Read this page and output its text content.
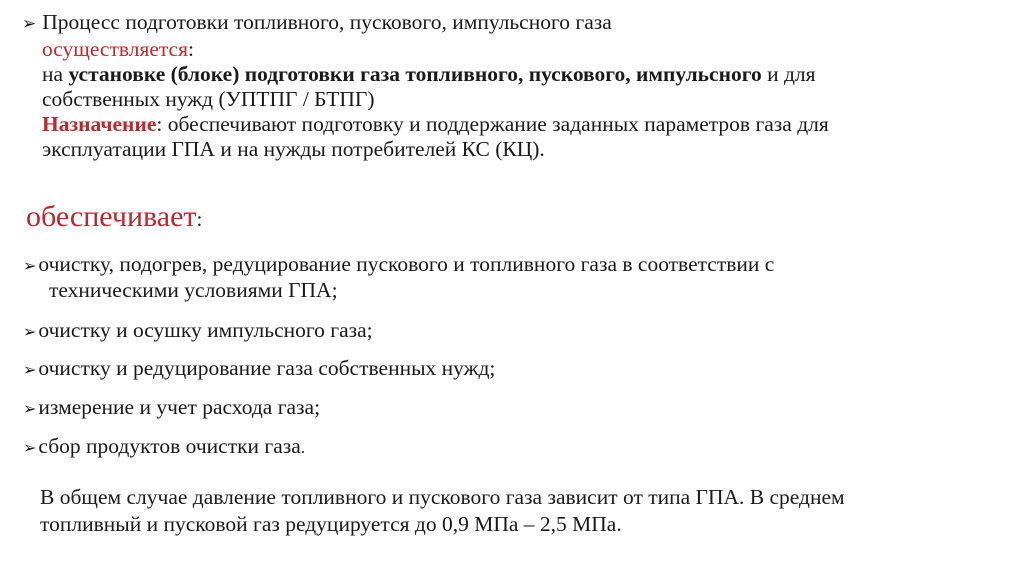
➢ Процесс подготовки топливного, пускового, импульсного газа
осуществляется:
на установке (блоке) подготовки газа топливного, пускового, импульсного и для
собственных нужд (УПТПГ / БТПГ)
Назначение: обеспечивают подготовку и поддержание заданных параметров газа для
эксплуатации ГПА и на нужды потребителей КС (КЦ).
обеспечивает:
➢очистку, подогрев, редуцирование пускового и топливного газа в соответствии с
техническими условиями ГПА;
➢очистку и осушку импульсного газа;
➢очистку и редуцирование газа собственных нужд;
➢измерение и учет расхода газа;
➢сбор продуктов очистки газа.
В общем случае давление топливного и пускового газа зависит от типа ГПА. В среднем
топливный и пусковой газ редуцируется до 0,9 МПа – 2,5 МПа.
